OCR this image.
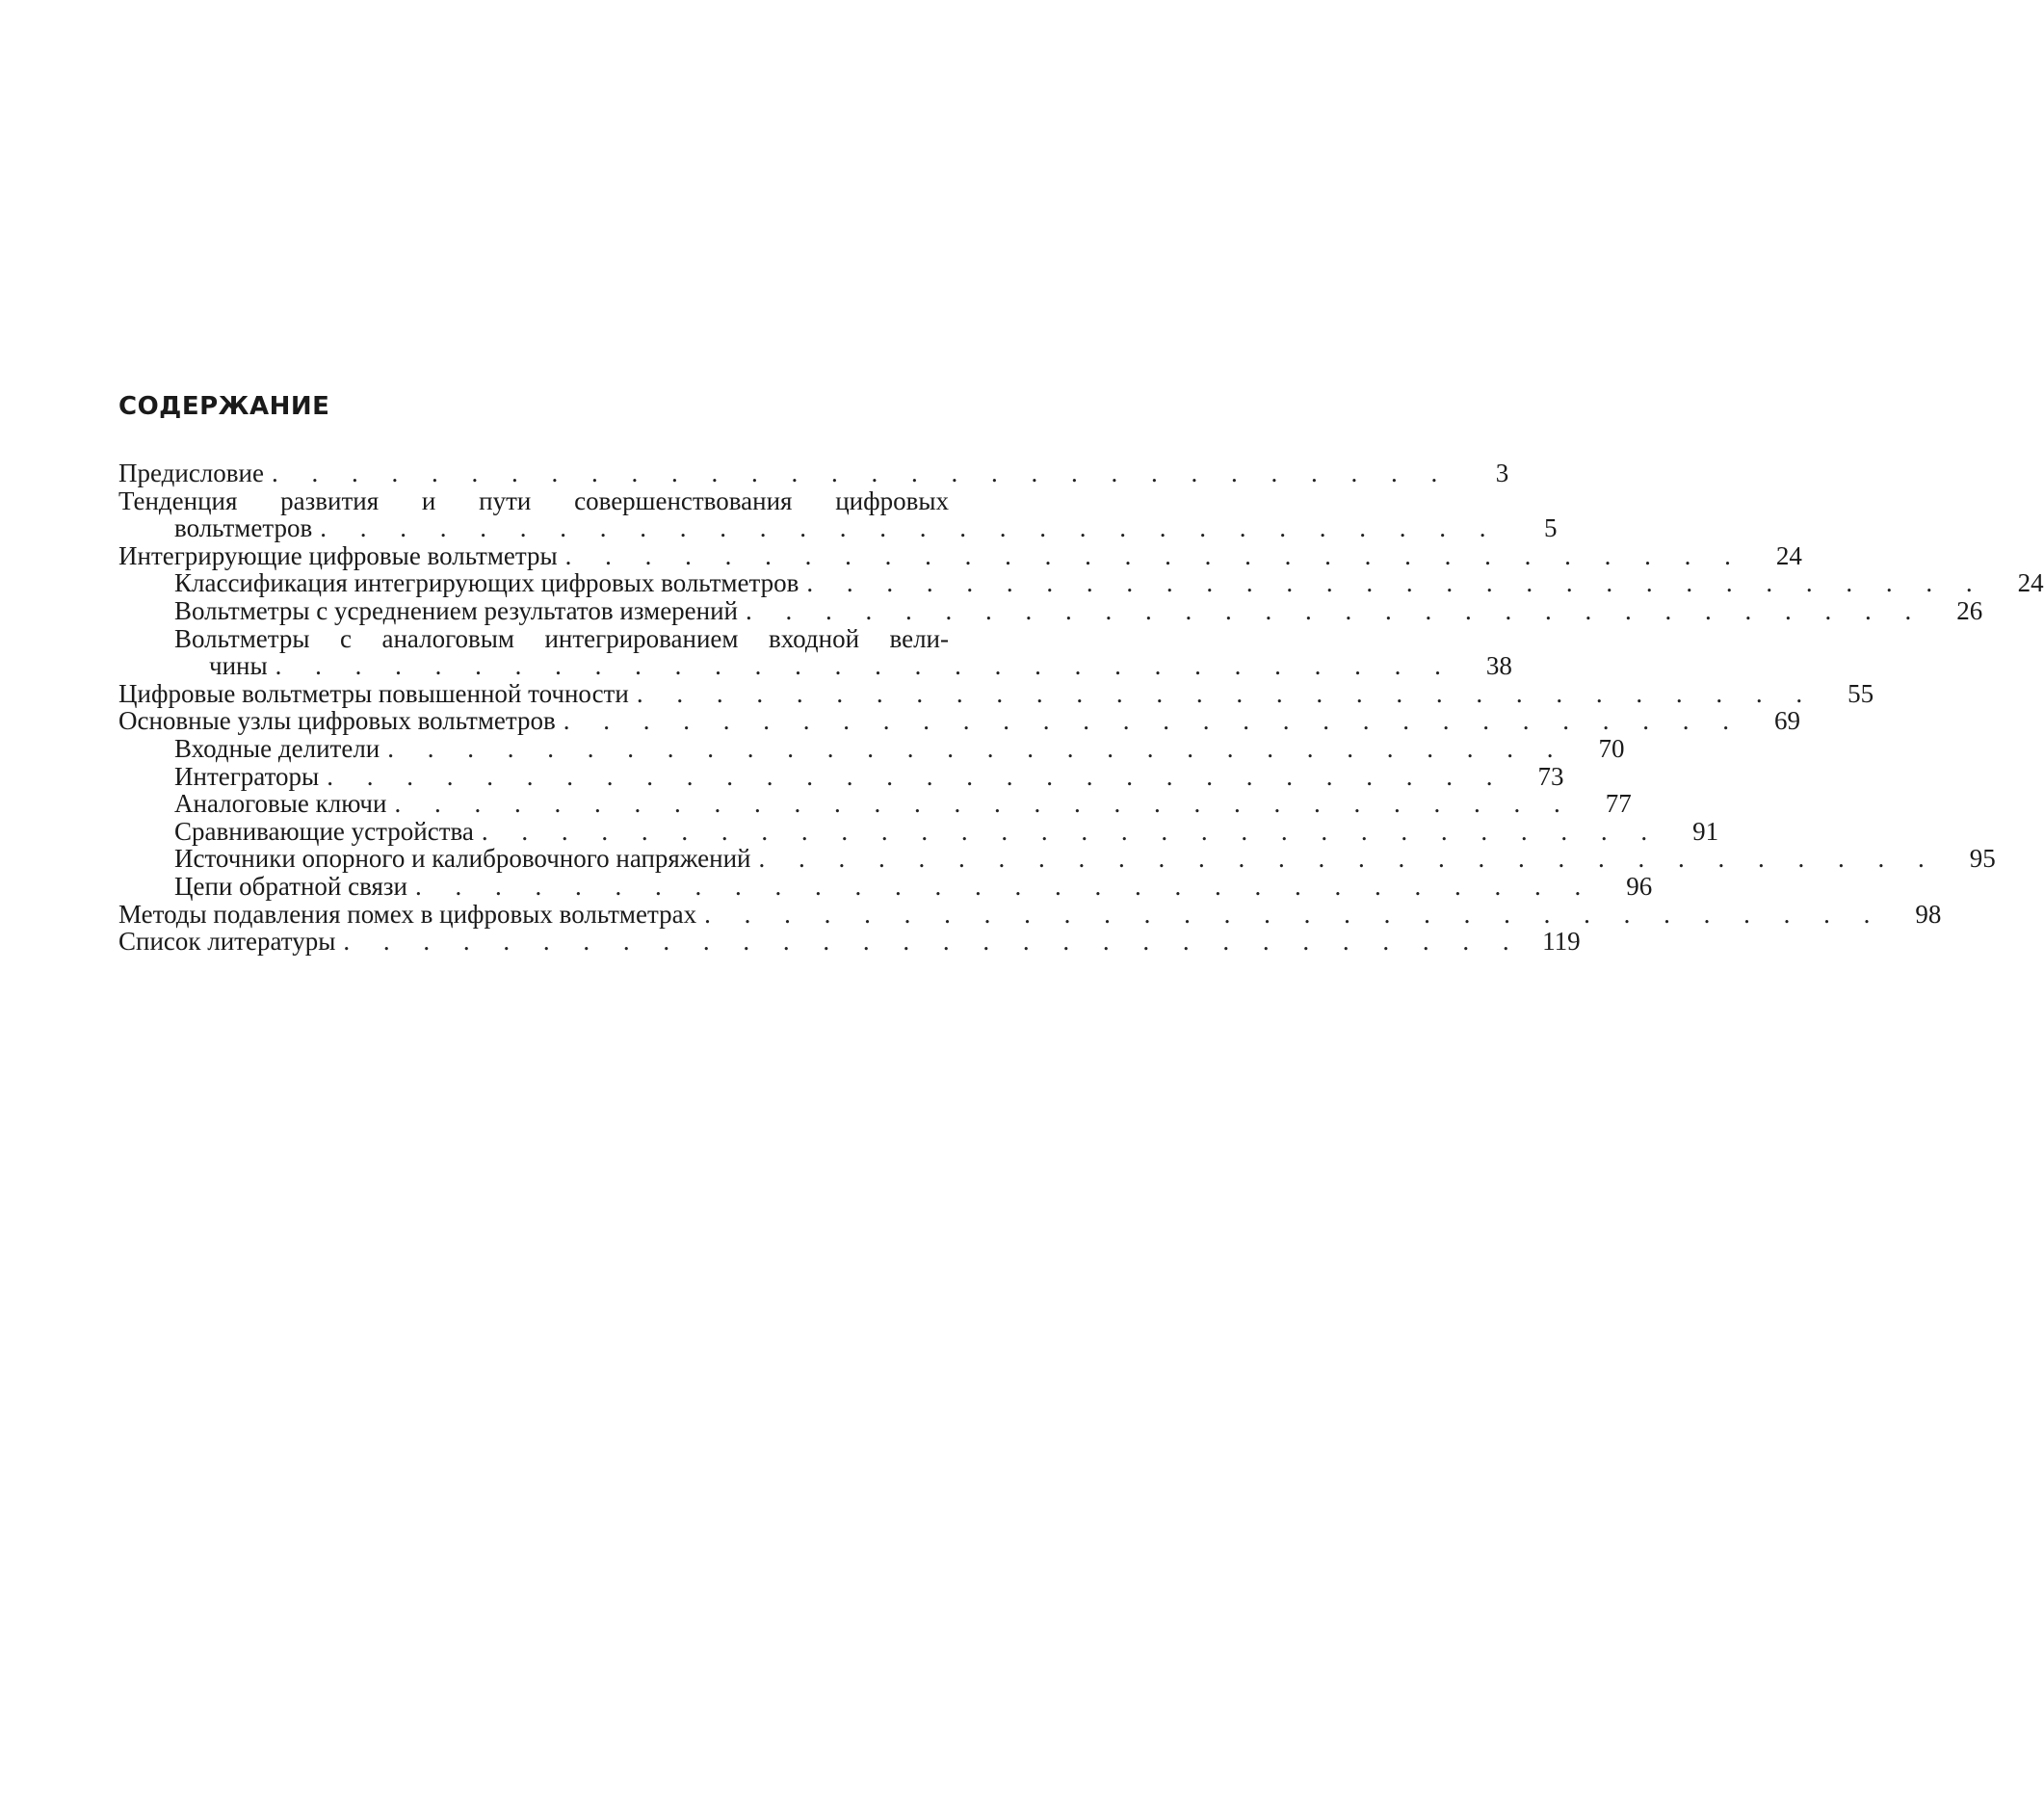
СОДЕРЖАНИЕ
Предисловие . . . . . . . . . . . . . . . . . . . . . . . . . . . . . .	3
Тенденция развития и пути совершенствования цифровых
вольтметров . . . . . . . . . . . . . . . . . . . . . . . . . . . . . .	5
Интегрирующие цифровые вольтметры . . . . . . . . . . . . . . . . . . . . . . . . . . . . . .	24
Классификация интегрирующих цифровых вольтметров . . . . . . . . . . . . . . . . . . . . . . . . . . . . . .	24
Вольтметры с усреднением результатов измерений . . . . . . . . . . . . . . . . . . . . . . . . . . . . . .	26
Вольтметры с аналоговым интегрированием входной вели-
чины . . . . . . . . . . . . . . . . . . . . . . . . . . . . . .	38
Цифровые вольтметры повышенной точности . . . . . . . . . . . . . . . . . . . . . . . . . . . . . .	55
Основные узлы цифровых вольтметров . . . . . . . . . . . . . . . . . . . . . . . . . . . . . .	69
Входные делители . . . . . . . . . . . . . . . . . . . . . . . . . . . . . .	70
Интеграторы . . . . . . . . . . . . . . . . . . . . . . . . . . . . . .	73
Аналоговые ключи . . . . . . . . . . . . . . . . . . . . . . . . . . . . . .	77
Сравнивающие устройства . . . . . . . . . . . . . . . . . . . . . . . . . . . . . .	91
Источники опорного и калибровочного напряжений . . . . . . . . . . . . . . . . . . . . . . . . . . . . . .	95
Цепи обратной связи . . . . . . . . . . . . . . . . . . . . . . . . . . . . . .	96
Методы подавления помех в цифровых вольтметрах . . . . . . . . . . . . . . . . . . . . . . . . . . . . . .	98
Список литературы . . . . . . . . . . . . . . . . . . . . . . . . . . . . . . 119
